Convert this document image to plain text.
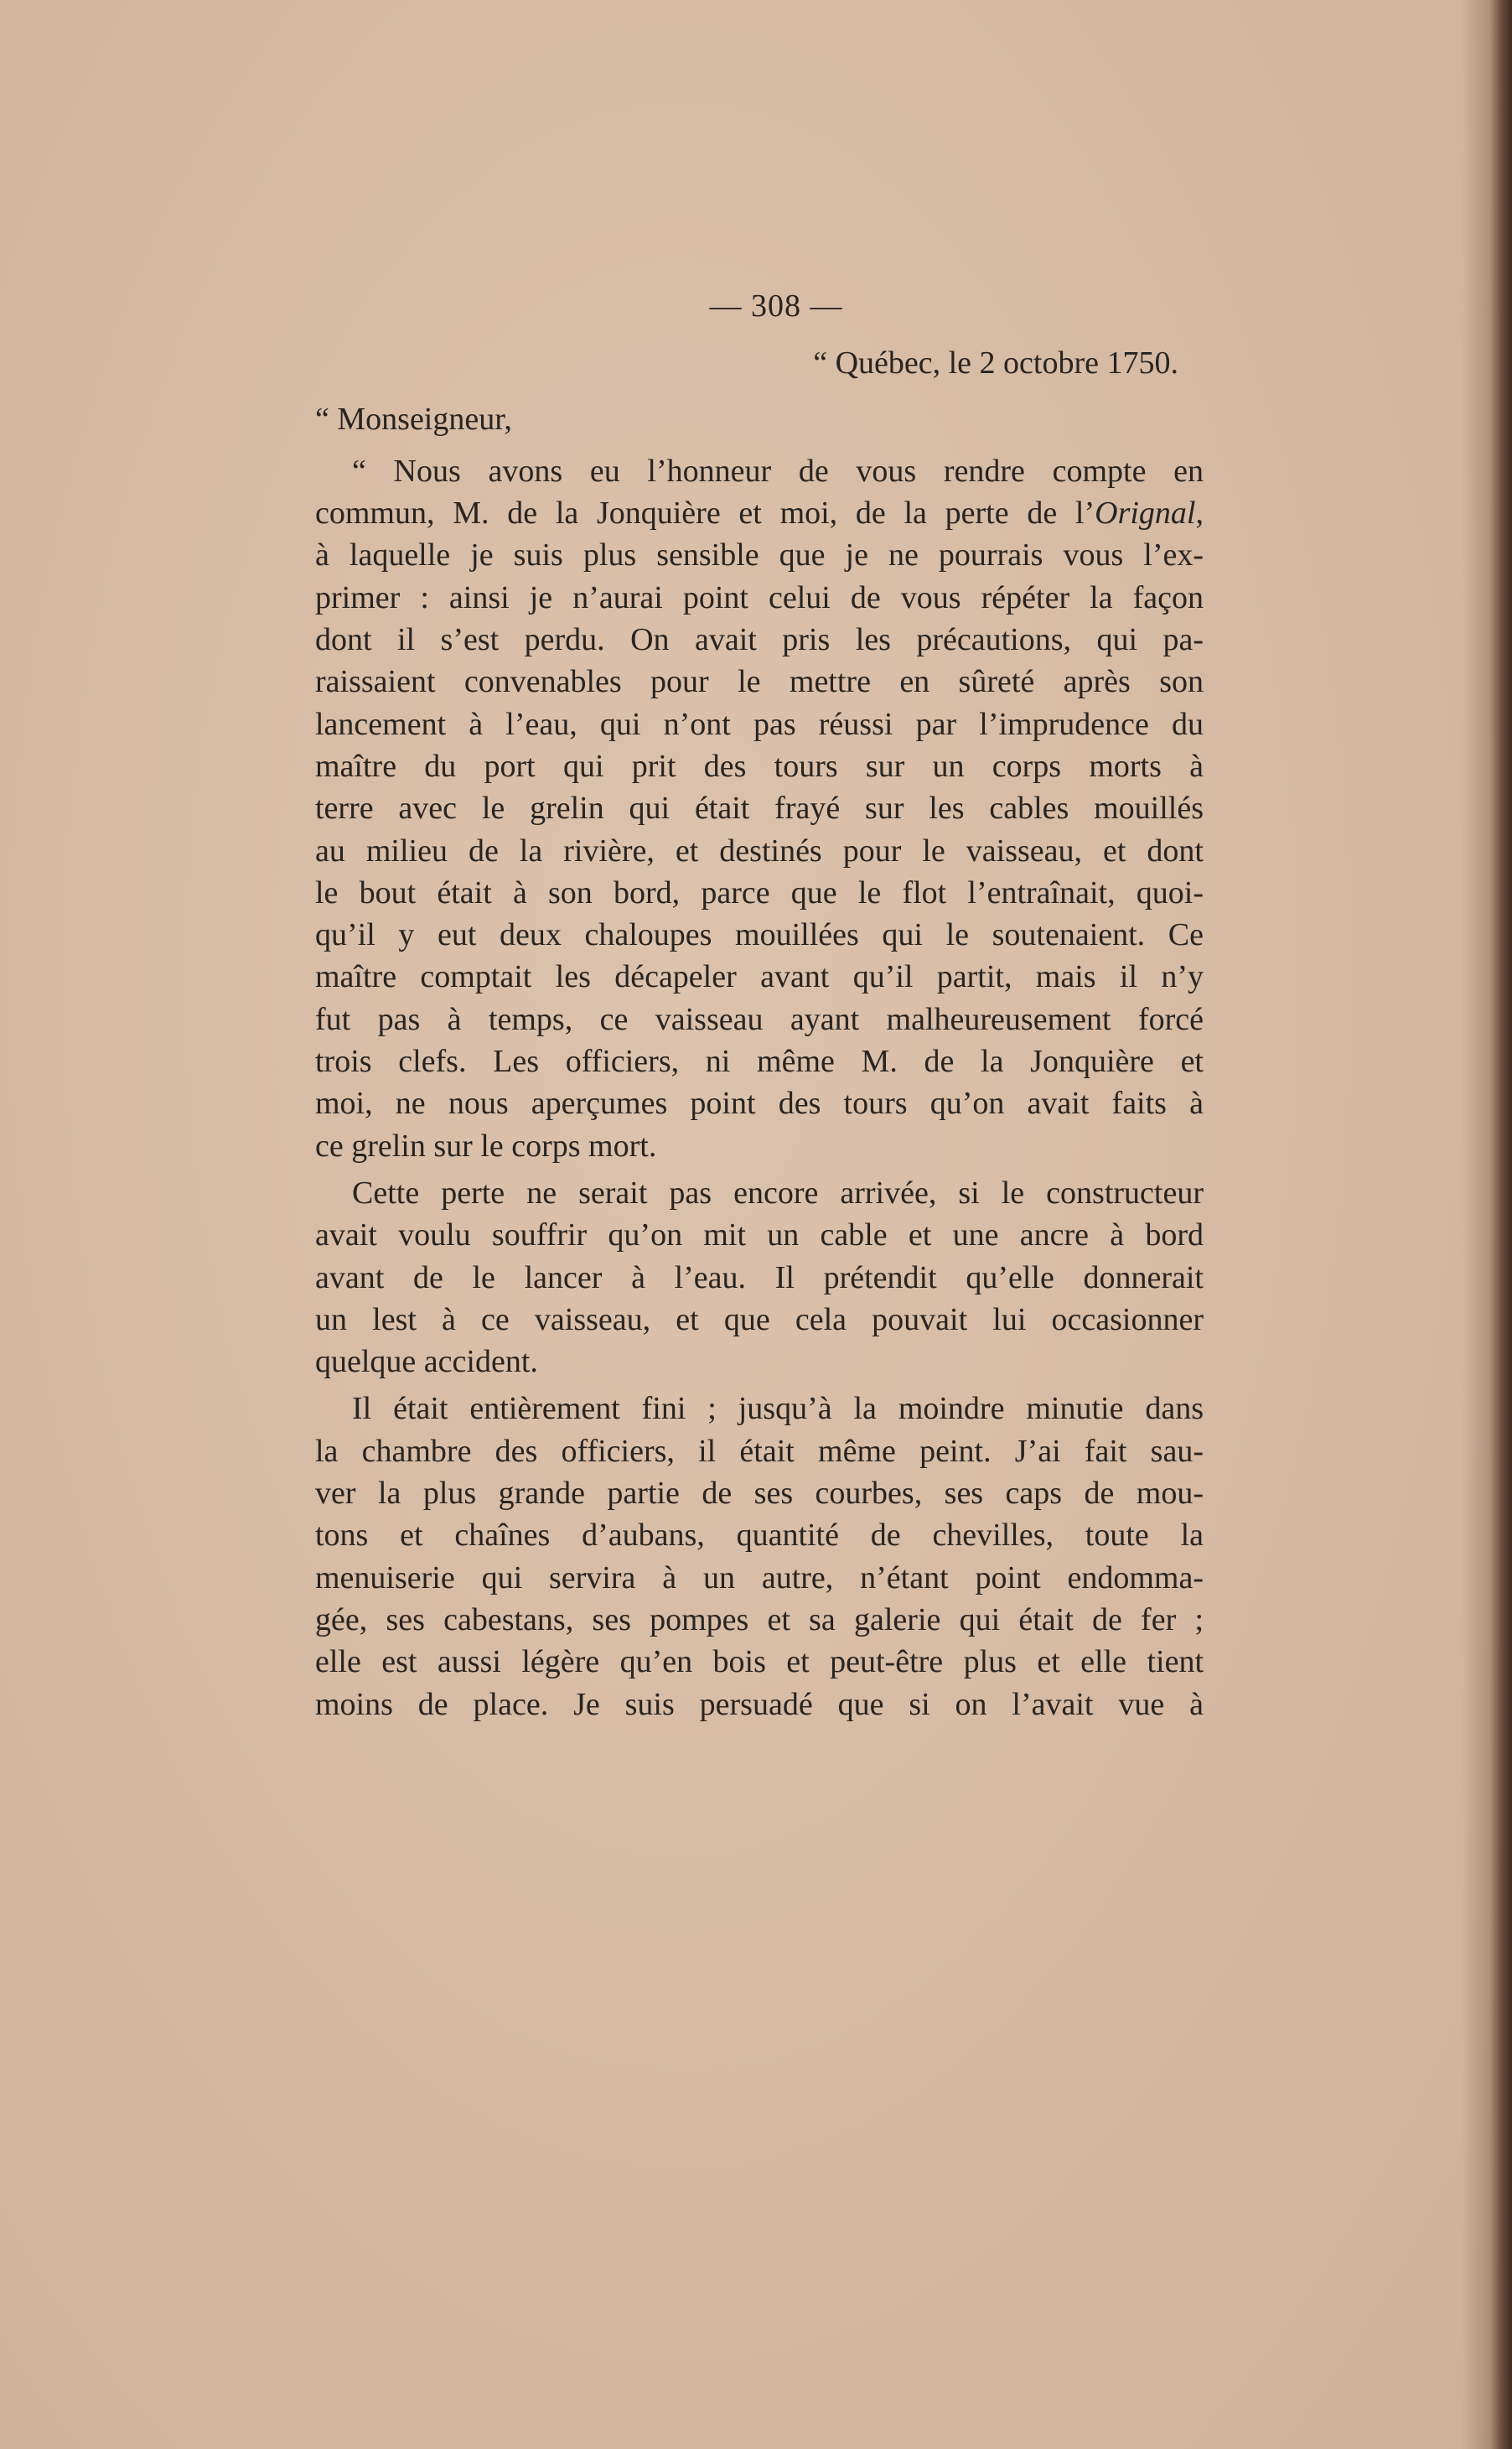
— 308 —
“ Québec, le 2 octobre 1750.
“ Monseigneur,
“ Nous avons eu l’honneur de vous rendre compte en
commun, M. de la Jonquière et moi, de la perte de l’Orignal,
à laquelle je suis plus sensible que je ne pourrais vous l’ex-
primer : ainsi je n’aurai point celui de vous répéter la façon
dont il s’est perdu. On avait pris les précautions, qui pa-
raissaient convenables pour le mettre en sûreté après son
lancement à l’eau, qui n’ont pas réussi par l’imprudence du
maître du port qui prit des tours sur un corps morts à
terre avec le grelin qui était frayé sur les cables mouillés
au milieu de la rivière, et destinés pour le vaisseau, et dont
le bout était à son bord, parce que le flot l’entraînait, quoi-
qu’il y eut deux chaloupes mouillées qui le soutenaient. Ce
maître comptait les décapeler avant qu’il partit, mais il n’y
fut pas à temps, ce vaisseau ayant malheureusement forcé
trois clefs. Les officiers, ni même M. de la Jonquière et
moi, ne nous aperçumes point des tours qu’on avait faits à
ce grelin sur le corps mort.
Cette perte ne serait pas encore arrivée, si le constructeur
avait voulu souffrir qu’on mit un cable et une ancre à bord
avant de le lancer à l’eau. Il prétendit qu’elle donnerait
un lest à ce vaisseau, et que cela pouvait lui occasionner
quelque accident.
Il était entièrement fini ; jusqu’à la moindre minutie dans
la chambre des officiers, il était même peint. J’ai fait sau-
ver la plus grande partie de ses courbes, ses caps de mou-
tons et chaînes d’aubans, quantité de chevilles, toute la
menuiserie qui servira à un autre, n’étant point endomma-
gée, ses cabestans, ses pompes et sa galerie qui était de fer ;
elle est aussi légère qu’en bois et peut-être plus et elle tient
moins de place. Je suis persuadé que si on l’avait vue à
